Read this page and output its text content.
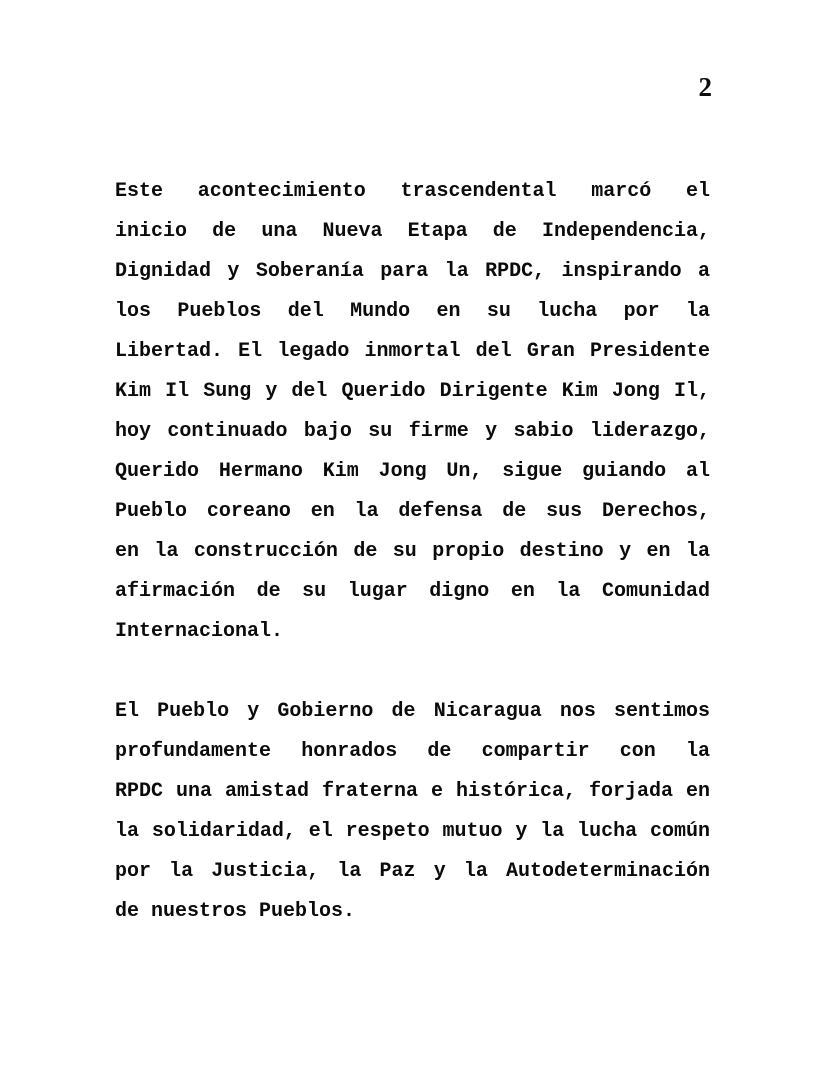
2
Este acontecimiento trascendental marcó el
inicio de una Nueva Etapa de Independencia,
Dignidad y Soberanía para la RPDC, inspirando a
los Pueblos del Mundo en su lucha por la
Libertad. El legado inmortal del Gran Presidente
Kim Il Sung y del Querido Dirigente Kim Jong Il,
hoy continuado bajo su firme y sabio liderazgo,
Querido Hermano Kim Jong Un, sigue guiando al
Pueblo coreano en la defensa de sus Derechos,
en la construcción de su propio destino y en la
afirmación de su lugar digno en la Comunidad
Internacional.
El Pueblo y Gobierno de Nicaragua nos sentimos
profundamente honrados de compartir con la
RPDC una amistad fraterna e histórica, forjada en
la solidaridad, el respeto mutuo y la lucha común
por la Justicia, la Paz y la Autodeterminación
de nuestros Pueblos.
